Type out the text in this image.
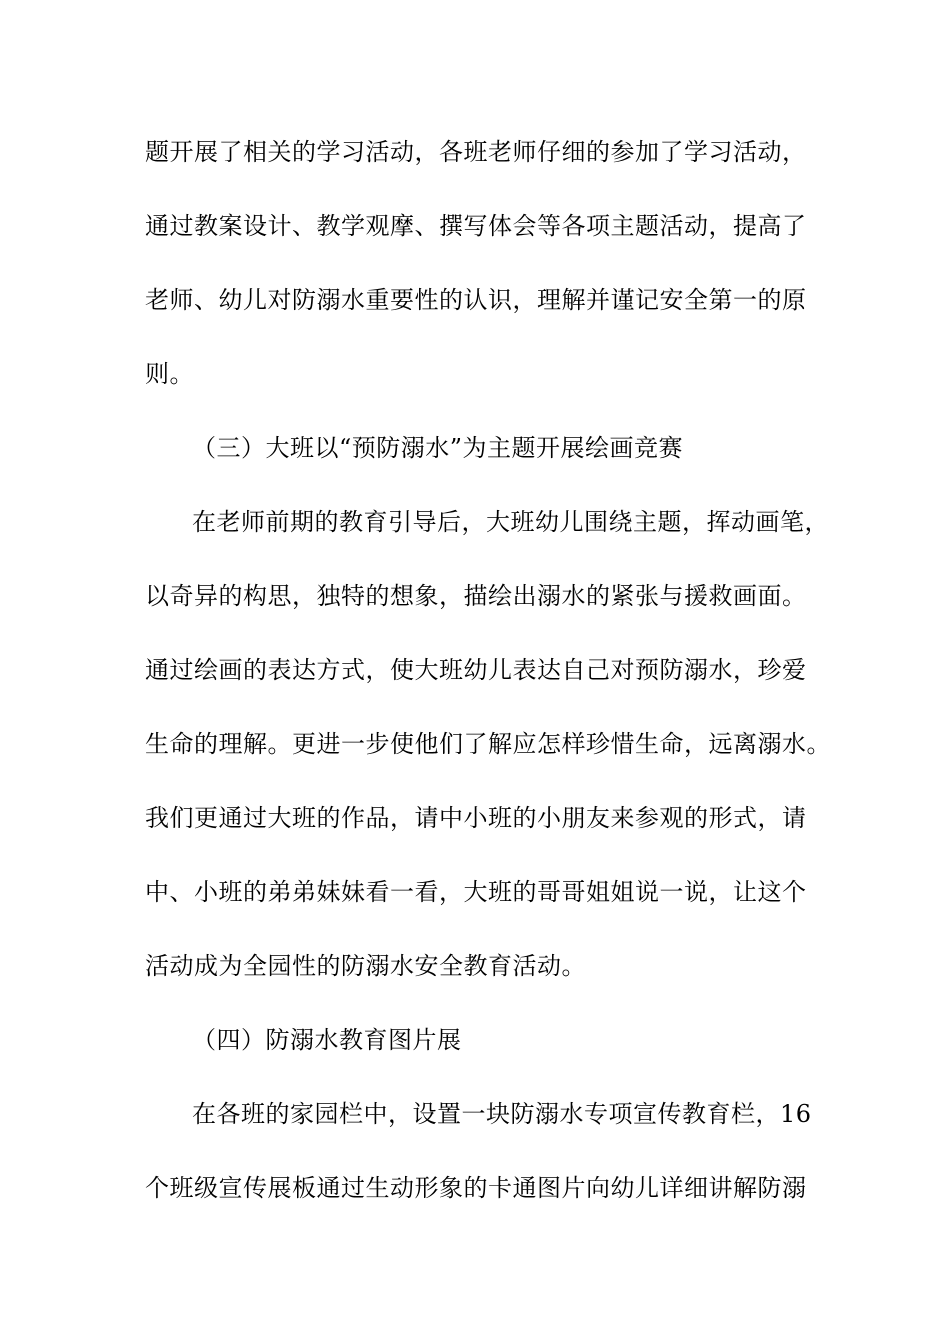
题开展了相关的学习活动，各班老师仔细的参加了学习活动，
通过教案设计、教学观摩、撰写体会等各项主题活动，提高了
老师、幼儿对防溺水重要性的认识，理解并谨记安全第一的原
则。
（三）大班以“预防溺水”为主题开展绘画竞赛
在老师前期的教育引导后，大班幼儿围绕主题，挥动画笔，
以奇异的构思，独特的想象，描绘出溺水的紧张与援救画面。
通过绘画的表达方式，使大班幼儿表达自己对预防溺水，珍爱
生命的理解。更进一步使他们了解应怎样珍惜生命，远离溺水。
我们更通过大班的作品，请中小班的小朋友来参观的形式，请
中、小班的弟弟妹妹看一看，大班的哥哥姐姐说一说，让这个
活动成为全园性的防溺水安全教育活动。
（四）防溺水教育图片展
在各班的家园栏中，设置一块防溺水专项宣传教育栏，16
个班级宣传展板通过生动形象的卡通图片向幼儿详细讲解防溺
